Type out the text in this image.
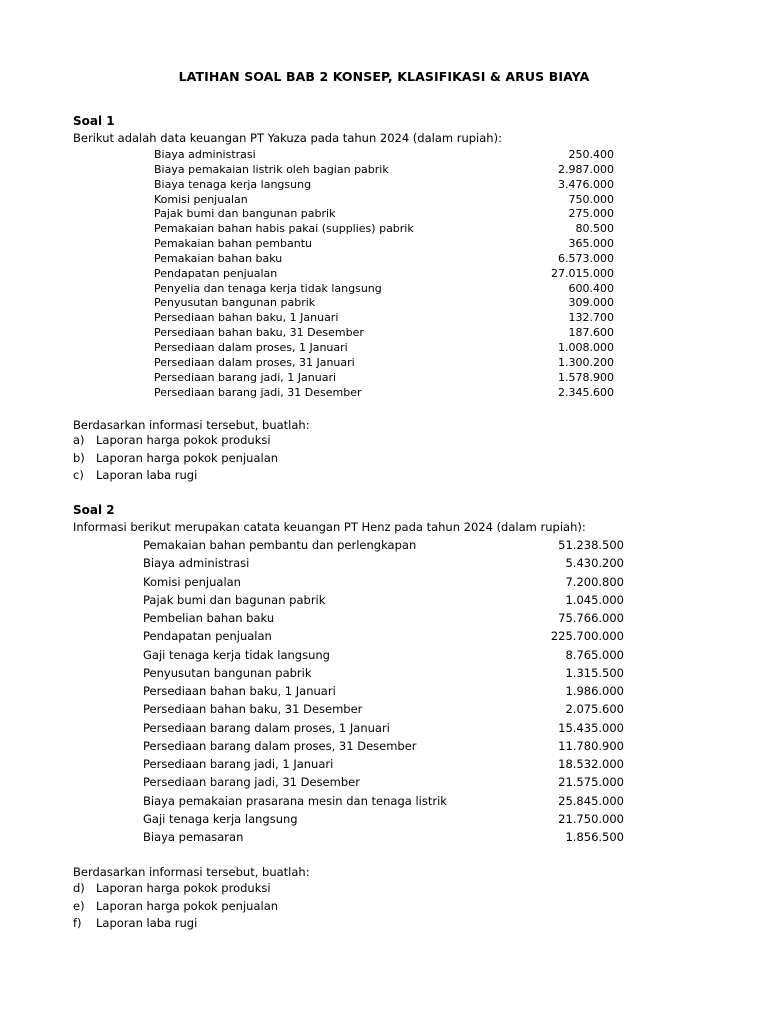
LATIHAN SOAL BAB 2 KONSEP, KLASIFIKASI & ARUS BIAYA
Soal 1
Berikut adalah data keuangan PT Yakuza pada tahun 2024 (dalam rupiah):
Biaya administrasi	250.400
Biaya pemakaian listrik oleh bagian pabrik	2.987.000
Biaya tenaga kerja langsung	3.476.000
Komisi penjualan	750.000
Pajak bumi dan bangunan pabrik	275.000
Pemakaian bahan habis pakai (supplies) pabrik	80.500
Pemakaian bahan pembantu	365.000
Pemakaian bahan baku	6.573.000
Pendapatan penjualan	27.015.000
Penyelia dan tenaga kerja tidak langsung	600.400
Penyusutan bangunan pabrik	309.000
Persediaan bahan baku, 1 Januari	132.700
Persediaan bahan baku, 31 Desember	187.600
Persediaan dalam proses, 1 Januari	1.008.000
Persediaan dalam proses, 31 Januari	1.300.200
Persediaan barang jadi, 1 Januari	1.578.900
Persediaan barang jadi, 31 Desember	2.345.600
Berdasarkan informasi tersebut, buatlah:
a) Laporan harga pokok produksi
b) Laporan harga pokok penjualan
c) Laporan laba rugi
Soal 2
Informasi berikut merupakan catata keuangan PT Henz pada tahun 2024 (dalam rupiah):
Pemakaian bahan pembantu dan perlengkapan	51.238.500
Biaya administrasi	5.430.200
Komisi penjualan	7.200.800
Pajak bumi dan bagunan pabrik	1.045.000
Pembelian bahan baku	75.766.000
Pendapatan penjualan	225.700.000
Gaji tenaga kerja tidak langsung	8.765.000
Penyusutan bangunan pabrik	1.315.500
Persediaan bahan baku, 1 Januari	1.986.000
Persediaan bahan baku, 31 Desember	2.075.600
Persediaan barang dalam proses, 1 Januari	15.435.000
Persediaan barang dalam proses, 31 Desember	11.780.900
Persediaan barang jadi, 1 Januari	18.532.000
Persediaan barang jadi, 31 Desember	21.575.000
Biaya pemakaian prasarana mesin dan tenaga listrik	25.845.000
Gaji tenaga kerja langsung	21.750.000
Biaya pemasaran	1.856.500
Berdasarkan informasi tersebut, buatlah:
d) Laporan harga pokok produksi
e) Laporan harga pokok penjualan
f) Laporan laba rugi
